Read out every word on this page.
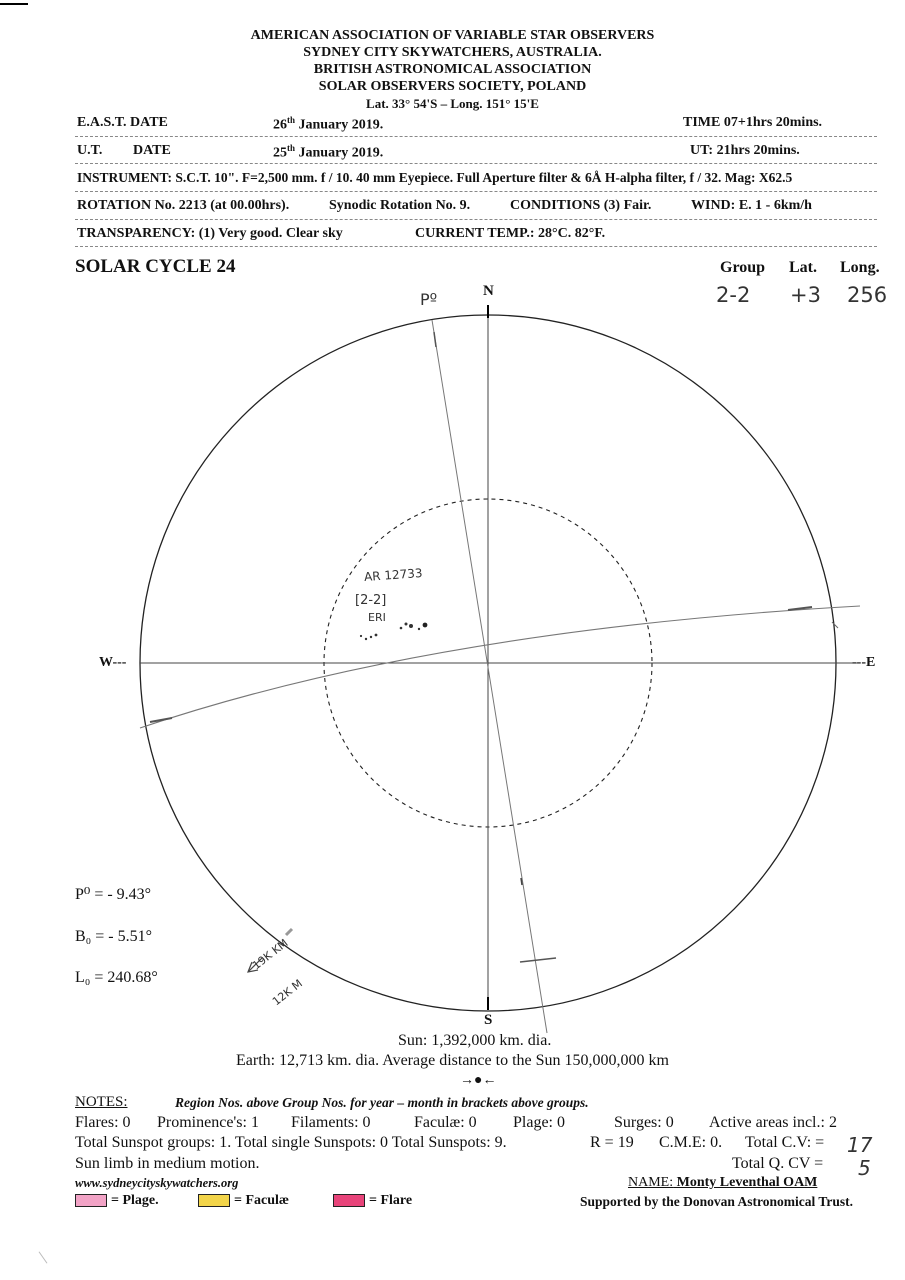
AMERICAN ASSOCIATION OF VARIABLE STAR OBSERVERS
SYDNEY CITY SKYWATCHERS, AUSTRALIA.
BRITISH ASTRONOMICAL ASSOCIATION
SOLAR OBSERVERS SOCIETY, POLAND
Lat. 33° 54'S – Long. 151° 15'E
E.A.S.T. DATE	26th January 2019.	TIME 07+1hrs 20mins.
U.T. DATE	25th January 2019.	UT: 21hrs 20mins.
INSTRUMENT: S.C.T. 10". F=2,500 mm. f / 10. 40 mm Eyepiece. Full Aperture filter & 6Å H-alpha filter, f / 32. Mag: X62.5
ROTATION No. 2213 (at 00.00hrs).	Synodic Rotation No. 9.	CONDITIONS (3) Fair.	WIND: E. 1 - 6km/h
TRANSPARENCY: (1) Very good. Clear sky	CURRENT TEMP.: 28°C. 82°F.
SOLAR CYCLE 24	Group Lat. Long.
2-2 +3 256
N
S
W---	---E
Pº
AR 12733
[2-2]
ERI
19K KM
12K M
P⁰ = - 9.43°
B₀ = - 5.51°
L₀ = 240.68°
Sun: 1,392,000 km. dia.
Earth: 12,713 km. dia. Average distance to the Sun 150,000,000 km
→●←
NOTES:	Region Nos. above Group Nos. for year – month in brackets above groups.
Flares: 0 Prominence's: 1 Filaments: 0	Faculæ: 0 Plage: 0	Surges: 0 Active areas incl.: 2
Total Sunspot groups: 1. Total single Sunspots: 0 Total Sunspots: 9.	R = 19 C.M.E: 0. Total C.V: = 17
Sun limb in medium motion.	Total Q. CV = 5
www.sydneycityskywatchers.org	NAME: Monty Leventhal OAM
= Plage.	= Faculæ	= Flare	Supported by the Donovan Astronomical Trust.
